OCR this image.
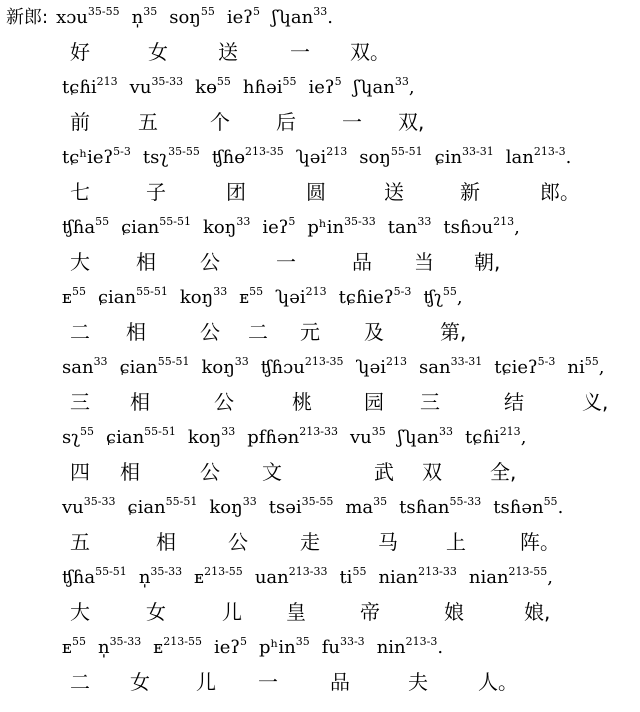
新郎: xɔu$^{35-55}$ n̩$^{35}$ soŋ$^{55}$ ieʔ$^5$ ʃʮan$^{33}$.
好	女	送	一 双。
tɕɦi$^{213}$ $vu^{35-33}$ kɵ$^{55}$ hɦəi$^{55}$ ieʔ$^5$ ʃʮan$^{33}$,
前 五	个 后 一 双,
tɕʰieʔ$^{5-3}$ tsʅ$^{35-55}$ ʧɦɵ$^{213-35}$ ʮəi$^{213}$ soŋ$^{55-51}$ ɕin$^{33-31}$ lan$^{213-3}$.
七	子	团	圆	送	新	郎。
ʧɦa$^{55}$ ɕian$^{55-51}$ koŋ$^{33}$ ieʔ$^5$ pʰin$^{35-33}$ $\tan^{33}$ tsɦɔu$^{213}$,
大 相 公	一	品 当 朝,
ᴇ$^{55}$ ɕian$^{55-51}$ koŋ$^{33}$ ᴇ$^{55}$ ʮəi$^{213}$ tɕɦieʔ$^{5-3}$ ʧʅ$^{55}$,
二 相	公 二 元 及	第,
san$^{33}$ ɕian$^{55-51}$ koŋ$^{33}$ ʧɦɔu$^{213-35}$ ʮəi$^{213}$ san$^{33-31}$ tɕieʔ$^{5-3}$ $ni^{55}$,
三 相	公	桃	园 三	结	义,
sʅ$^{55}$ ɕian$^{55-51}$ koŋ$^{33}$ pfɦən$^{213-33}$ $vu^{35}$ ʃʮan$^{33}$ tɕɦi$^{213}$,
四 相	公 文	武 双 全,
$vu^{35-33}$ ɕian$^{55-51}$ koŋ$^{33}$ tsəi$^{35-55}$ $ma^{35}$ tsɦan$^{55-33}$ tsɦən$^{55}$.
五	相	公	走	马 上	阵。
ʧɦa$^{55-51}$ n̩$^{35-33}$ ᴇ$^{213-55}$ uan$^{213-33}$ $ti^{55}$ nian$^{213-33}$ nian$^{213-55}$,
大	女	儿 皇	帝	娘	娘,
ᴇ$^{55}$ n̩$^{35-33}$ ᴇ$^{213-55}$ ieʔ$^5$ pʰin$^{35}$ $fu^{33-3}$ nin$^{213-3}$.
二 女 儿 一	品	夫	人。
